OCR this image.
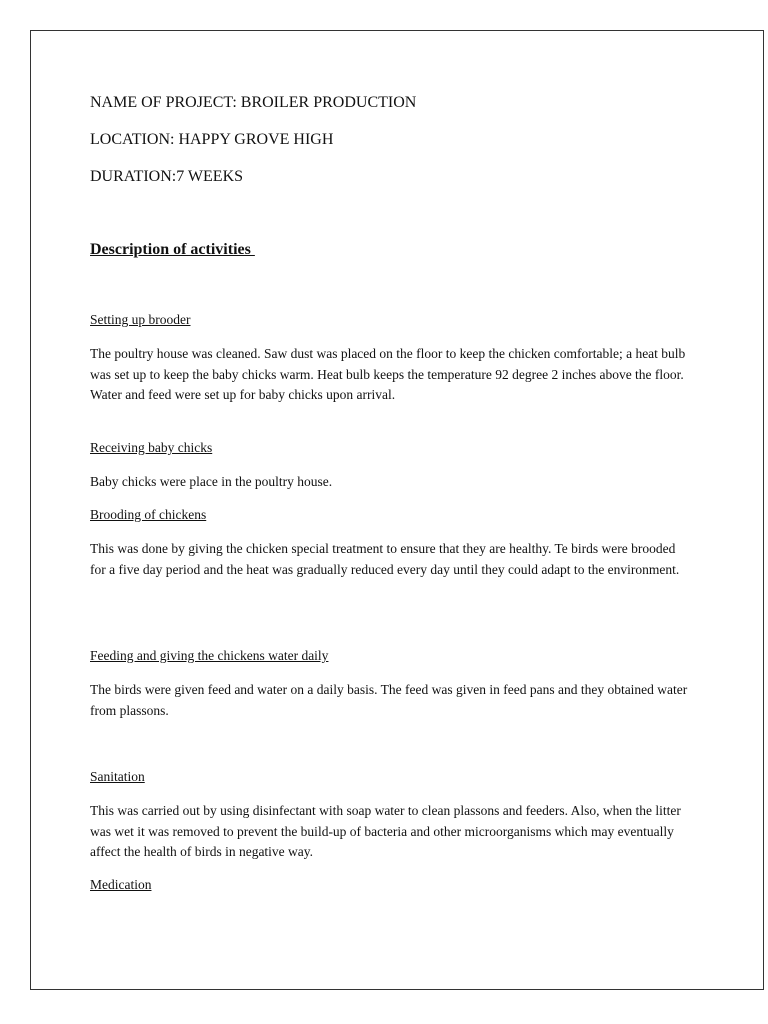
NAME OF PROJECT: BROILER PRODUCTION

LOCATION: HAPPY GROVE HIGH

DURATION:7 WEEKS

Description of activities

Setting up brooder

The poultry house was cleaned. Saw dust was placed on the floor to keep the chicken comfortable; a heat bulb was set up to keep the baby chicks warm. Heat bulb keeps the temperature 92 degree 2 inches above the floor. Water and feed were set up for baby chicks upon arrival.

Receiving baby chicks

Baby chicks were place in the poultry house.

Brooding of chickens

This was done by giving the chicken special treatment to ensure that they are healthy. Te birds were brooded for a five day period and the heat was gradually reduced every day until they could adapt to the environment.

Feeding and giving the chickens water daily

The birds were given feed and water on a daily basis. The feed was given in feed pans and they obtained water from plassons.

Sanitation

This was carried out by using disinfectant with soap water to clean plassons and feeders. Also, when the litter was wet it was removed to prevent the build-up of bacteria and other microorganisms which may eventually affect the health of birds in negative way.

Medication
